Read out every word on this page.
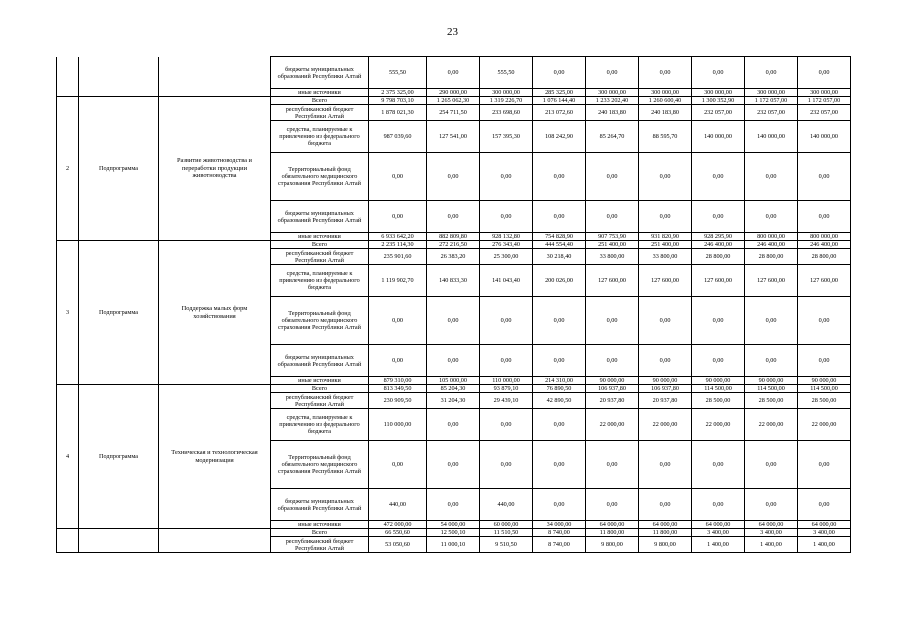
23
			бюджеты муниципальных образований Республики Алтай	555,50	0,00	555,50	0,00	0,00	0,00	0,00	0,00	0,00
			иные источники	2 375 325,00	290 000,00	300 000,00	285 325,00	300 000,00	300 000,00	300 000,00	300 000,00	300 000,00
2	Подпрограмма	Развитие животноводства и переработки продукции животноводства	Всего	9 798 703,10	1 265 062,30	1 319 226,70	1 076 144,40	1 233 202,40	1 260 600,40	1 300 352,90	1 172 057,00	1 172 057,00
			республиканский бюджет Республики Алтай	1 878 021,30	254 711,50	233 698,60	213 072,60	240 183,80	240 183,80	232 057,00	232 057,00	232 057,00
			средства, планируемые к привлечению из федерального бюджета	987 039,60	127 541,00	157 395,30	108 242,90	85 264,70	88 595,70	140 000,00	140 000,00	140 000,00
			Территориальный фонд обязательного медицинского страхования Республики Алтай	0,00	0,00	0,00	0,00	0,00	0,00	0,00	0,00	0,00
			бюджеты муниципальных образований Республики Алтай	0,00	0,00	0,00	0,00	0,00	0,00	0,00	0,00	0,00
			иные источники	6 933 642,20	882 809,80	928 132,80	754 828,90	907 753,90	931 820,90	928 295,90	800 000,00	800 000,00
3	Подпрограмма	Поддержка малых форм хозяйствования	Всего	2 235 114,30	272 216,50	276 343,40	444 554,40	251 400,00	251 400,00	246 400,00	246 400,00	246 400,00
			республиканский бюджет Республики Алтай	235 901,60	26 383,20	25 300,00	30 218,40	33 800,00	33 800,00	28 800,00	28 800,00	28 800,00
			средства, планируемые к привлечению из федерального бюджета	1 119 902,70	140 833,30	141 043,40	200 026,00	127 600,00	127 600,00	127 600,00	127 600,00	127 600,00
			Территориальный фонд обязательного медицинского страхования Республики Алтай	0,00	0,00	0,00	0,00	0,00	0,00	0,00	0,00	0,00
			бюджеты муниципальных образований Республики Алтай	0,00	0,00	0,00	0,00	0,00	0,00	0,00	0,00	0,00
			иные источники	879 310,00	105 000,00	110 000,00	214 310,00	90 000,00	90 000,00	90 000,00	90 000,00	90 000,00
4	Подпрограмма	Техническая и технологическая модернизация	Всего	813 349,50	85 204,30	93 879,10	76 890,50	106 937,80	106 937,80	114 500,00	114 500,00	114 500,00
			республиканский бюджет Республики Алтай	230 909,50	31 204,30	29 439,10	42 890,50	20 937,80	20 937,80	28 500,00	28 500,00	28 500,00
			средства, планируемые к привлечению из федерального бюджета	110 000,00	0,00	0,00	0,00	22 000,00	22 000,00	22 000,00	22 000,00	22 000,00
			Территориальный фонд обязательного медицинского страхования Республики Алтай	0,00	0,00	0,00	0,00	0,00	0,00	0,00	0,00	0,00
			бюджеты муниципальных образований Республики Алтай	440,00	0,00	440,00	0,00	0,00	0,00	0,00	0,00	0,00
			иные источники	472 000,00	54 000,00	60 000,00	34 000,00	64 000,00	64 000,00	64 000,00	64 000,00	64 000,00
			Всего	66 550,60	12 500,10	11 510,50	8 740,00	11 800,00	11 800,00	3 400,00	3 400,00	3 400,00
			республиканский бюджет Республики Алтай	53 050,60	11 000,10	9 510,50	8 740,00	9 800,00	9 800,00	1 400,00	1 400,00	1 400,00
